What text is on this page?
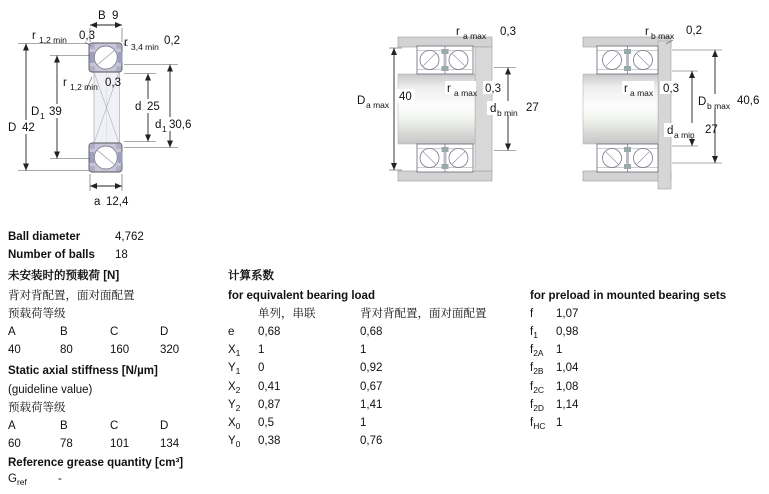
B 9
r 1,2 min 0,3
r 3,4 min 0,2
r 1,2 min 0,3
D 1 39	d 25
D 42	d 1 30,6
a 12,4
r a max 0,3
r a max 0,3
D a max
40
d b min 27
r b max 0,2
r a max 0,3
D b max 40,6
d a min 27
Ball diameter	4,762
Number of balls 18
未安装时的预载荷 [N]
背对背配置，面对面配置
预载荷等级
A	B	C	D
40	80	160	320
Static axial stiffness [N/µm]
(guideline value)
预载荷等级
A	B	C	D
60	78	101	134
Reference grease quantity [cm³]
$G_{ref}$	-
计算系数
for equivalent bearing load
单列，串联	背对背配置，面对面配置
e 0,68	0,68
$X_1$ 1	1
$Y_1$ 0	0,92
$X_2$ 0,41	0,67
$Y_2$ 0,87	1,41
$X_0$ 0,5	1
$Y_0$ 0,38	0,76
for preload in mounted bearing sets
f 1,07
$f_1$ 0,98
$f_{2A}$ 1
$f_{2B}$ 1,04
$f_{2C}$ 1,08
$f_{2D}$ 1,14
$f_{HC}$ 1
